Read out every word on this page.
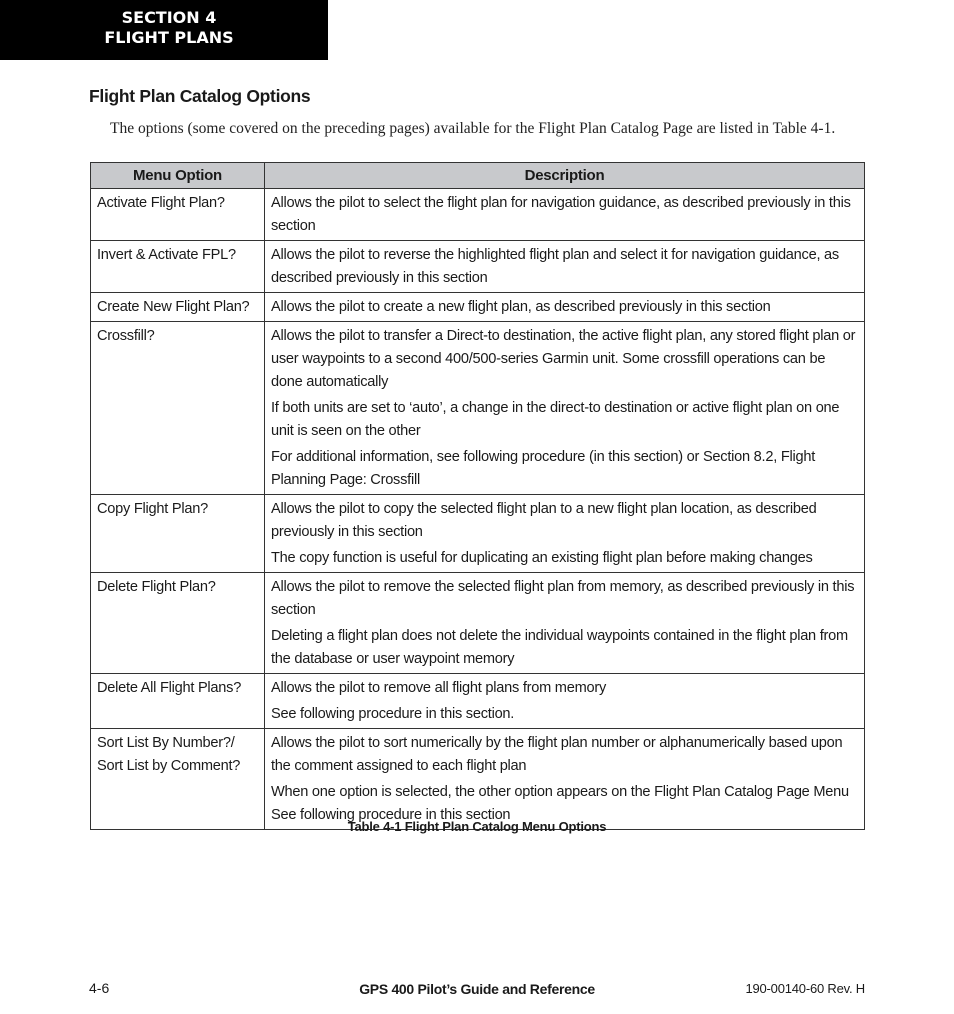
SECTION 4
FLIGHT PLANS
Flight Plan Catalog Options
The options (some covered on the preceding pages) available for the Flight Plan Catalog Page are listed in Table 4-1.
Menu Option	Description
Activate Flight Plan?	Allows the pilot to select the flight plan for navigation guidance, as described previously in this section

Invert & Activate FPL?	Allows the pilot to reverse the highlighted flight plan and select it for navigation guidance, as described previously in this section

Create New Flight Plan?	Allows the pilot to create a new flight plan, as described previously in this section

Crossfill?	Allows the pilot to transfer a Direct-to destination, the active flight plan, any stored flight plan or user waypoints to a second 400/500-series Garmin unit. Some crossfill operations can be done automatically

If both units are set to ‘auto’, a change in the direct-to destination or active flight plan on one unit is seen on the other

For additional information, see following procedure (in this section) or Section 8.2, Flight Planning Page: Crossfill

Copy Flight Plan?	Allows the pilot to copy the selected flight plan to a new flight plan location, as described previously in this section

The copy function is useful for duplicating an existing flight plan before making changes

Delete Flight Plan?	Allows the pilot to remove the selected flight plan from memory, as described previously in this section

Deleting a flight plan does not delete the individual waypoints contained in the flight plan from the database or user waypoint memory

Delete All Flight Plans?	Allows the pilot to remove all flight plans from memory

See following procedure in this section.

Sort List By Number?/ Sort List by Comment?	Allows the pilot to sort numerically by the flight plan number or alphanumerically based upon the comment assigned to each flight plan

When one option is selected, the other option appears on the Flight Plan Catalog Page Menu See following procedure in this section

Table 4-1 Flight Plan Catalog Menu Options
4-6	GPS 400 Pilot’s Guide and Reference	190-00140-60 Rev. H
